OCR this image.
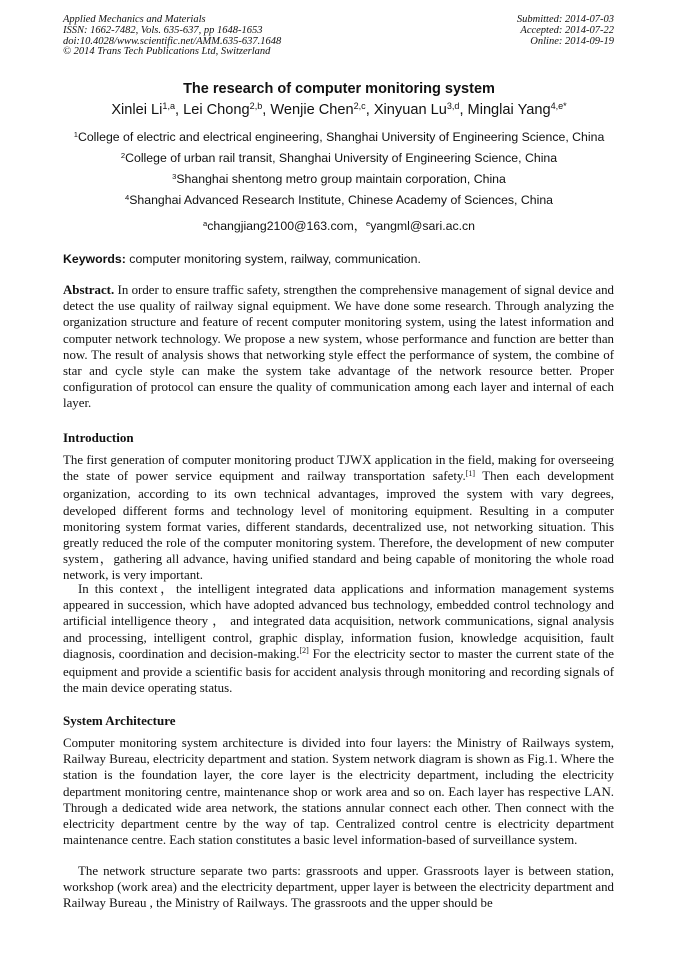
Applied Mechanics and Materials
ISSN: 1662-7482, Vols. 635-637, pp 1648-1653
doi:10.4028/www.scientific.net/AMM.635-637.1648
© 2014 Trans Tech Publications Ltd, Switzerland
Submitted: 2014-07-03
Accepted: 2014-07-22
Online: 2014-09-19
The research of computer monitoring system
Xinlei Li$^{1,a}$, Lei Chong$^{2,b}$, Wenjie Chen$^{2,c}$, Xinyuan Lu$^{3,d}$, Minglai Yang$^{4,e*}$
$^1$College of electric and electrical engineering, Shanghai University of Engineering Science, China
$^2$College of urban rail transit, Shanghai University of Engineering Science, China
$^3$Shanghai shentong metro group maintain corporation, China
$^4$Shanghai Advanced Research Institute, Chinese Academy of Sciences, China
$^a$changjiang2100@163.com，$^e$yangml@sari.ac.cn
Keywords: computer monitoring system, railway, communication.

Abstract. In order to ensure traffic safety, strengthen the comprehensive management of signal device and detect the use quality of railway signal equipment. We have done some research. Through analyzing the organization structure and feature of recent computer monitoring system, using the latest information and computer network technology. We propose a new system, whose performance and function are better than now. The result of analysis shows that networking style effect the performance of system, the combine of star and cycle style can make the system take advantage of the network resource better. Proper configuration of protocol can ensure the quality of communication among each layer and internal of each layer.

Introduction

The first generation of computer monitoring product TJWX application in the field, making for overseeing the state of power service equipment and railway transportation safety.[1] Then each development organization, according to its own technical advantages, improved the system with vary degrees, developed different forms and technology level of monitoring equipment. Resulting in a computer monitoring system format varies, different standards, decentralized use, not networking situation. This greatly reduced the role of the computer monitoring system. Therefore, the development of new computer system，gathering all advance, having unified standard and being capable of monitoring the whole road network, is very important.

In this context，the intelligent integrated data applications and information management systems appeared in succession, which have adopted advanced bus technology, embedded control technology and artificial intelligence theory ， and integrated data acquisition, network communications, signal analysis and processing, intelligent control, graphic display, information fusion, knowledge acquisition, fault diagnosis, coordination and decision-making.[2] For the electricity sector to master the current state of the equipment and provide a scientific basis for accident analysis through monitoring and recording signals of the main device operating status.

System Architecture

Computer monitoring system architecture is divided into four layers: the Ministry of Railways system, Railway Bureau, electricity department and station. System network diagram is shown as Fig.1. Where the station is the foundation layer, the core layer is the electricity department, including the electricity department monitoring centre, maintenance shop or work area and so on. Each layer has respective LAN. Through a dedicated wide area network, the stations annular connect each other. Then connect with the electricity department centre by the way of tap. Centralized control centre is electricity department maintenance centre. Each station constitutes a basic level information-based of surveillance system.

The network structure separate two parts: grassroots and upper. Grassroots layer is between station, workshop (work area) and the electricity department, upper layer is between the electricity department and Railway Bureau , the Ministry of Railways. The grassroots and the upper should be
